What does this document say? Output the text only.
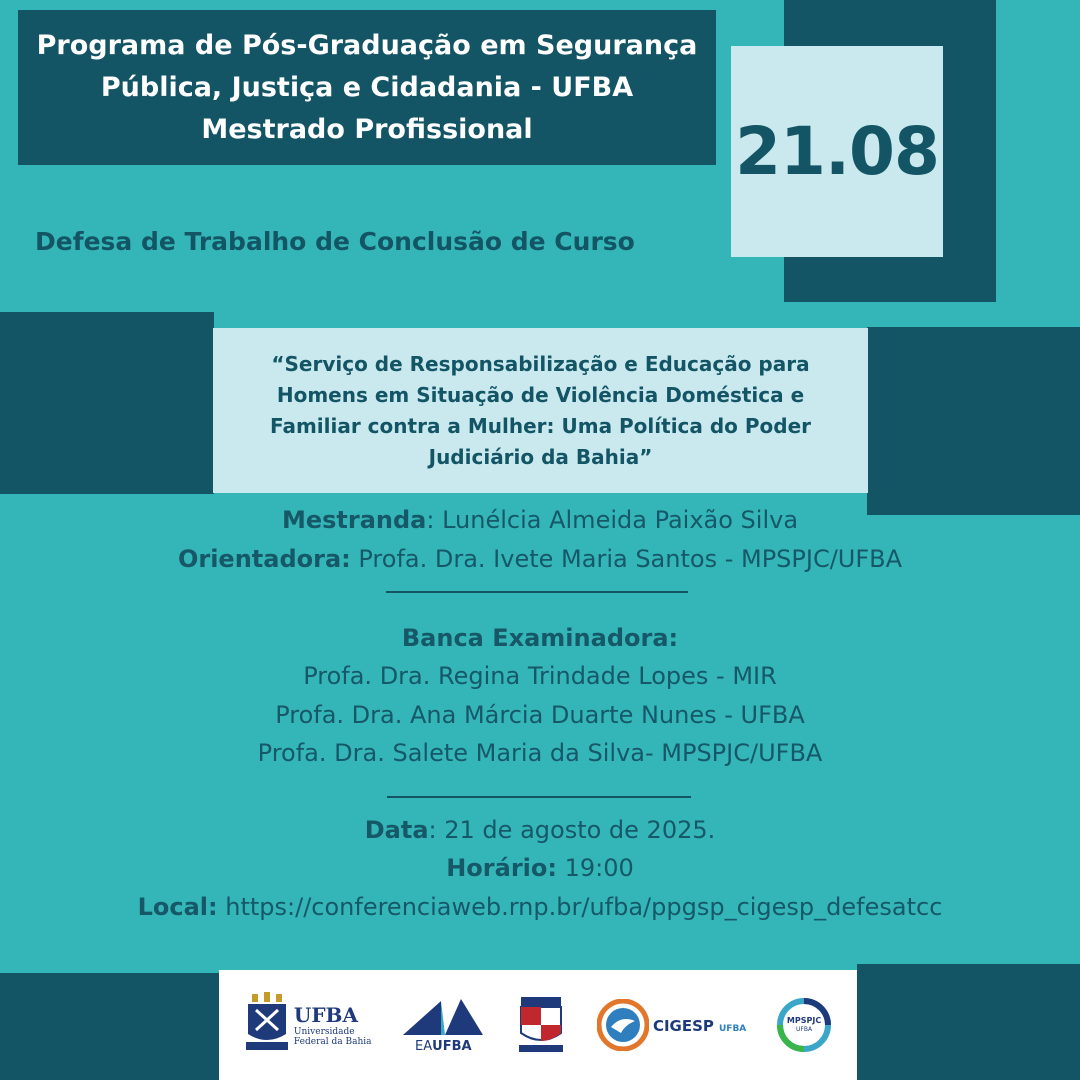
Programa de Pós-Graduação em Segurança
Pública, Justiça e Cidadania - UFBA
Mestrado Profissional	21.08
Defesa de Trabalho de Conclusão de Curso
“Serviço de Responsabilização e Educação para
Homens em Situação de Violência Doméstica e
Familiar contra a Mulher: Uma Política do Poder
Judiciário da Bahia”
Mestranda: Lunélcia Almeida Paixão Silva
Orientadora: Profa. Dra. Ivete Maria Santos - MPSPJC/UFBA
Banca Examinadora:
Profa. Dra. Regina Trindade Lopes - MIR
Profa. Dra. Ana Márcia Duarte Nunes - UFBA
Profa. Dra. Salete Maria da Silva- MPSPJC/UFBA
Data: 21 de agosto de 2025.
Horário: 19:00
Local: https://conferenciaweb.rnp.br/ufba/ppgsp_cigesp_defesatcc
UFBA
Universidade
Federal da Bahia	EAUFBA
CIGESP UFBA
MPSPJC
UFBA
